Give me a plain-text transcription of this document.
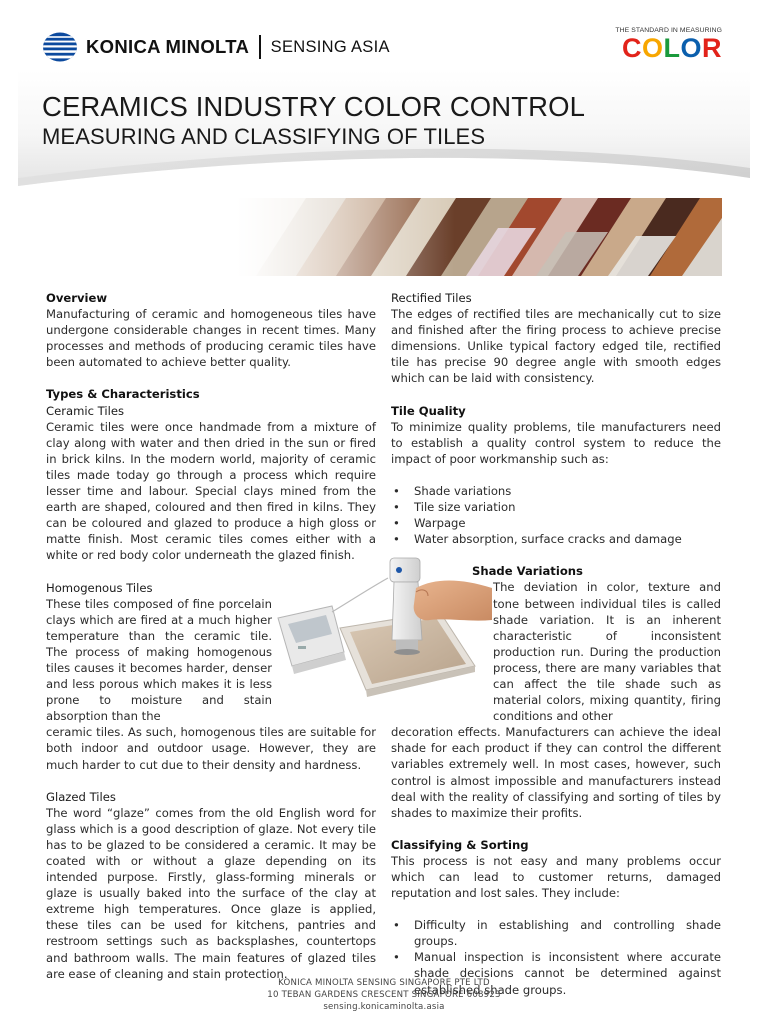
KONICA MINOLTA SENSING ASIA
THE STANDARD IN MEASURING
COLOR
CERAMICS INDUSTRY COLOR CONTROL
MEASURING AND CLASSIFYING OF TILES
Overview

Manufacturing of ceramic and homogeneous tiles have undergone considerable changes in recent times. Many processes and methods of producing ceramic tiles have been automated to achieve better quality.

Types & Characteristics
Ceramic Tiles

Ceramic tiles were once handmade from a mixture of clay along with water and then dried in the sun or fired in brick kilns. In the modern world, majority of ceramic tiles made today go through a process which require lesser time and labour. Special clays mined from the earth are shaped, coloured and then fired in kilns. They can be coloured and glazed to produce a high gloss or matte finish. Most ceramic tiles comes either with a white or red body color underneath the glazed finish.

Homogenous Tiles

These tiles composed of fine porcelain clays which are fired at a much higher temperature than the ceramic tile. The process of making homogenous tiles causes it becomes harder, denser and less porous which makes it is less prone to moisture and stain absorption than the

ceramic tiles. As such, homogenous tiles are suitable for both indoor and outdoor usage. However, they are much harder to cut due to their density and hardness.

Glazed Tiles

The word “glaze” comes from the old English word for glass which is a good description of glaze. Not every tile has to be glazed to be considered a ceramic. It may be coated with or without a glaze depending on its intended purpose. Firstly, glass-forming minerals or glaze is usually baked into the surface of the clay at extreme high temperatures. Once glaze is applied, these tiles can be used for kitchens, pantries and restroom settings such as backsplashes, countertops and bathroom walls. The main features of glazed tiles are ease of cleaning and stain protection.

Rectified Tiles

The edges of rectified tiles are mechanically cut to size and finished after the firing process to achieve precise dimensions. Unlike typical factory edged tile, rectified tile has precise 90 degree angle with smooth edges which can be laid with consistency.

Tile Quality

To minimize quality problems, tile manufacturers need to establish a quality control system to reduce the impact of poor workmanship such as:

• Shade variations
• Tile size variation
• Warpage
• Water absorption, surface cracks and damage
Shade Variations

The deviation in color, texture and tone between individual tiles is called shade variation. It is an inherent characteristic of inconsistent production run. During the production process, there are many variables that can affect the tile shade such as material colors, mixing quantity, firing conditions and other

decoration effects. Manufacturers can achieve the ideal shade for each product if they can control the different variables extremely well. In most cases, however, such control is almost impossible and manufacturers instead deal with the reality of classifying and sorting of tiles by shades to maximize their profits.

Classifying & Sorting

This process is not easy and many problems occur which can lead to customer returns, damaged reputation and lost sales. They include:

• Difficulty in establishing and controlling shade groups.
• Manual inspection is inconsistent where accurate shade decisions cannot be determined against established shade groups.
KONICA MINOLTA SENSING SINGAPORE PTE LTD
10 TEBAN GARDENS CRESCENT SINGAPORE 608923
sensing.konicaminolta.asia
